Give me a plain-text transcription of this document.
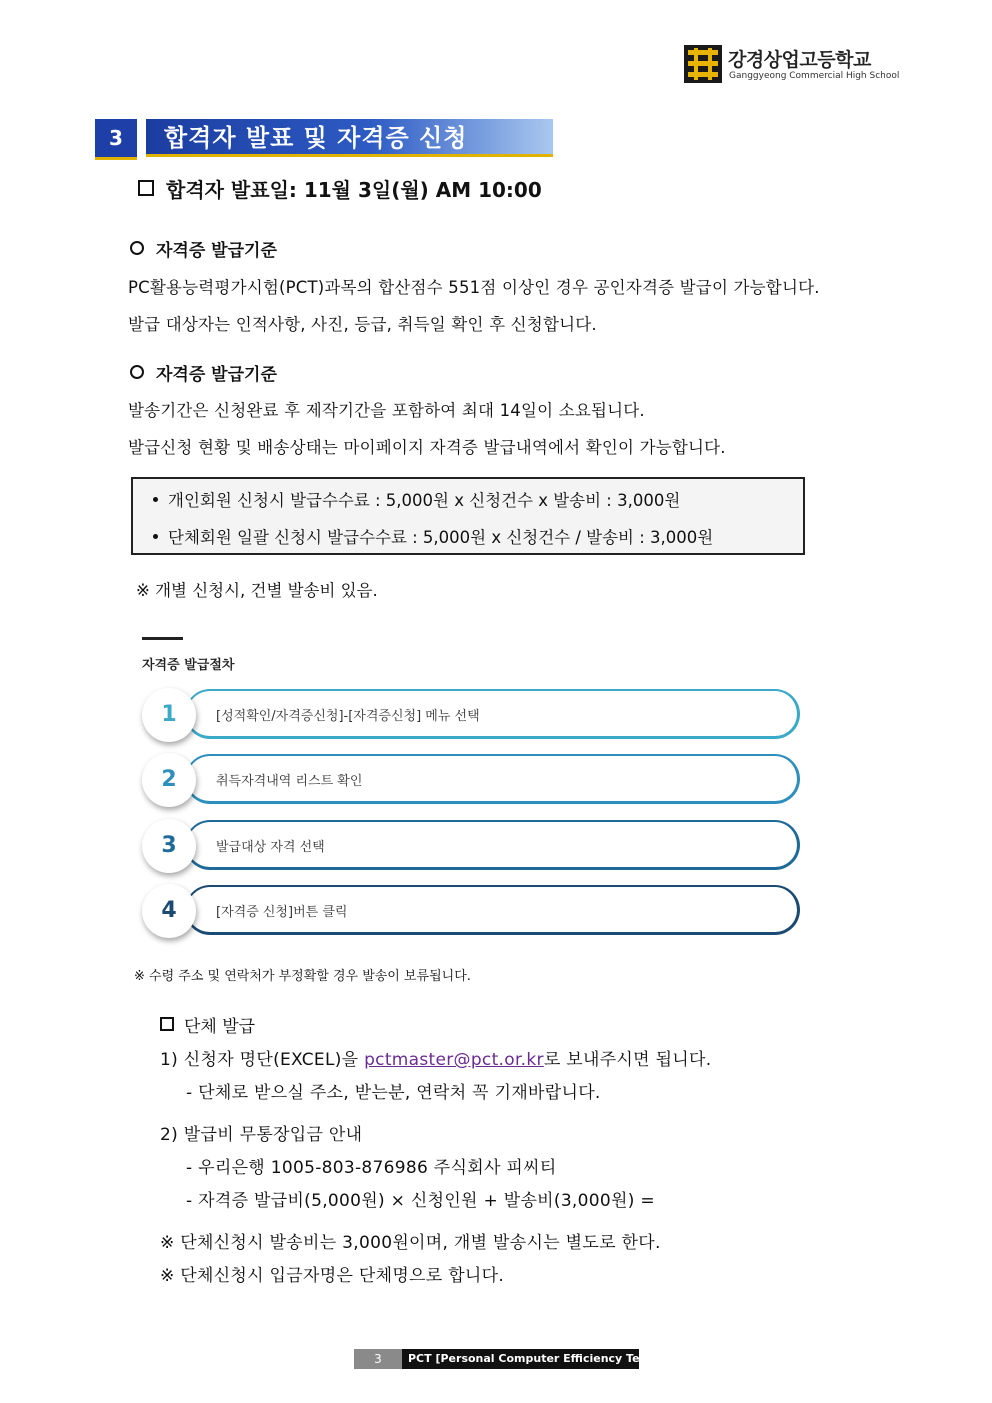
강경상업고등학교
Ganggyeong Commercial High School
3	합격자 발표 및 자격증 신청
합격자 발표일: 11월 3일(월) AM 10:00
자격증 발급기준
PC활용능력평가시험(PCT)과목의 합산점수 551점 이상인 경우 공인자격증 발급이 가능합니다.
발급 대상자는 인적사항, 사진, 등급, 취득일 확인 후 신청합니다.
자격증 발급기준
발송기간은 신청완료 후 제작기간을 포함하여 최대 14일이 소요됩니다.
발급신청 현황 및 배송상태는 마이페이지 자격증 발급내역에서 확인이 가능합니다.
개인회원 신청시 발급수수료 : 5,000원 x 신청건수 x 발송비 : 3,000원
단체회원 일괄 신청시 발급수수료 : 5,000원 x 신청건수 / 발송비 : 3,000원
※ 개별 신청시, 건별 발송비 있음.
자격증 발급절차
1	[성적확인/자격증신청]-[자격증신청] 메뉴 선택
2	취득자격내역 리스트 확인
3	발급대상 자격 선택
4	[자격증 신청]버튼 클릭
※ 수령 주소 및 연락처가 부정확할 경우 발송이 보류됩니다.
단체 발급
1) 신청자 명단(EXCEL)을 pctmaster@pct.or.kr로 보내주시면 됩니다.
- 단체로 받으실 주소, 받는분, 연락처 꼭 기재바랍니다.
2) 발급비 무통장입금 안내
- 우리은행 1005-803-876986 주식회사 피씨티
- 자격증 발급비(5,000원) × 신청인원 + 발송비(3,000원) =
※ 단체신청시 발송비는 3,000원이며, 개별 발송시는 별도로 한다.
※ 단체신청시 입금자명은 단체명으로 합니다.
3	PCT [Personal Computer Efficiency Test]
